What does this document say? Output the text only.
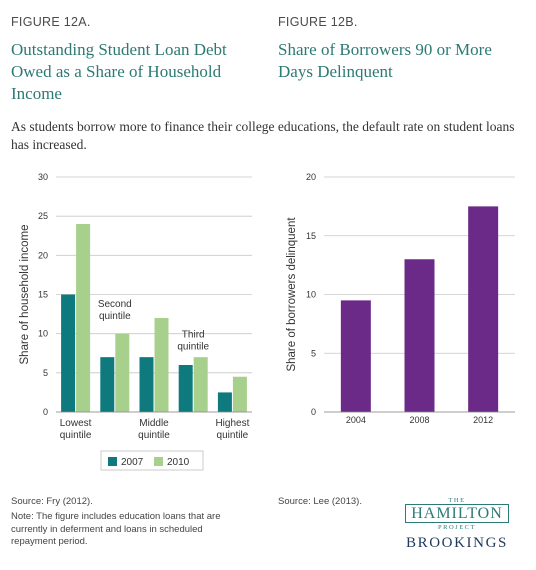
FIGURE 12A.
Outstanding Student Loan Debt Owed as a Share of Household Income
FIGURE 12B.
Share of Borrowers 90 or More Days Delinquent
As students borrow more to finance their college educations, the default rate on student loans has increased.
0
5
10
15
20
25
30
Share of household income
Lowest
quintile
Middle
quintile
Highest
quintile
Second
quintile
Third
quintile
2007 2010
0
5
10
15
20
Share of borrowers delinquent
2004	2008	2012
Source: Fry (2012).
Note: The figure includes education loans that are currently in deferment and loans in scheduled repayment period.
Source: Lee (2013).	THE
HAMILTON
PROJECT
BROOKINGS
